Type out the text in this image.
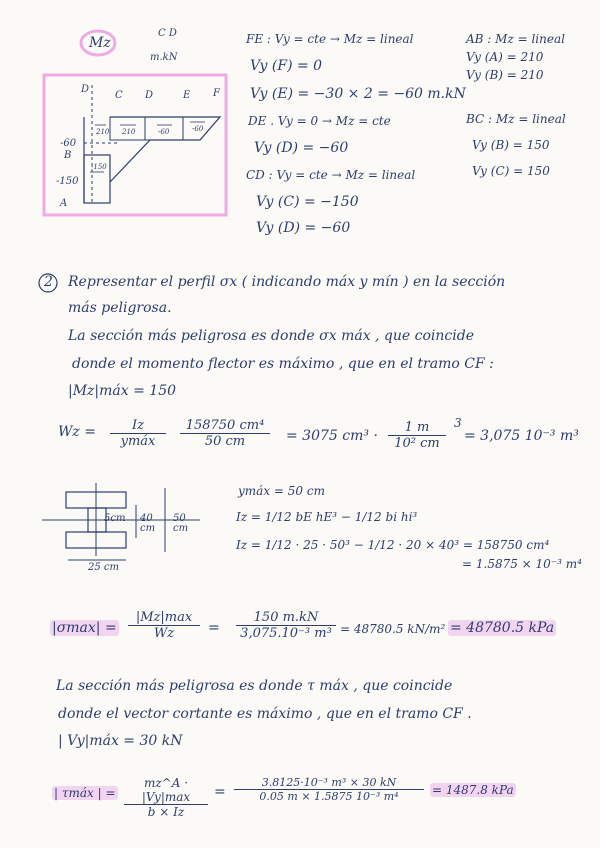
Mz
C D
m.kN
D
C D	E F
B
A
-60
-150
210 210	-60	-60
-150
FE : Vy = cte → Mz = lineal
Vy (F) = 0
Vy (E) = −30 × 2 = −60 m.kN
DE . Vy = 0 → Mz = cte
Vy (D) = −60
CD : Vy = cte → Mz = lineal
Vy (C) = −150
Vy (D) = −60
AB : Mz = lineal
Vy (A) = 210
Vy (B) = 210
BC : Mz = lineal
Vy (B) = 150
Vy (C) = 150
2 Representar el perfil σx ( indicando máx y mín ) en la sección
más peligrosa.
La sección más peligrosa es donde σx máx , que coincide
donde el momento flector es máximo , que en el tramo CF :
|Mz|máx = 150
Wz =	Iz
ymáx	$\frac{\text{158750 cm⁴}}{50 cm} = 3075$ $cm^3 \cdot \frac{1 m}{\text{10² cm}} 3$
= 3,075 10⁻³ m³
5cm 40
cm
50
cm
25 cm
ymáx = 50 cm
Iz = 1/12 bE hE³ − 1/12 bi hi³
Iz = 1/12 · 25 · 50³ − 1/12 · 20 × 40³ = 158750 cm⁴
= 1.5875 × 10⁻³ m⁴
|σmax| =
|Mz|max
Wz	= $\frac{150 m.kN}{\text{3,075.10⁻³ m³}} = 48780.5$ kN/m² = 48780.5 kPa
La sección más peligrosa es donde τ máx , que coincide
donde el vector cortante es máximo , que en el tramo CF .
| Vy|máx = 30 kN
| τmáx | =
mz^A · |Vy|max
b × Iz
= $\frac{\text{3.8125·10⁻³ m³ × 30 kN}}{\text{0.05 m × 1.5875 10⁻³ m⁴}} = 1487.8$ kPa
